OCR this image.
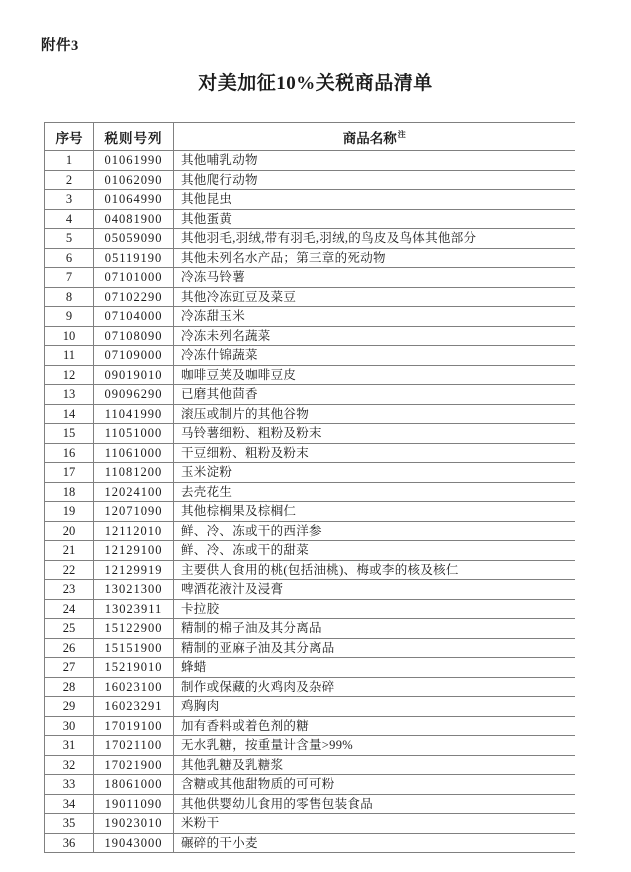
附件3
对美加征10%关税商品清单
序号	税则号列	商品名称$^注$
1	01061990	其他哺乳动物
2	01062090	其他爬行动物
3	01064990	其他昆虫
4	04081900	其他蛋黄
5	05059090	其他羽毛,羽绒,带有羽毛,羽绒,的鸟皮及鸟体其他部分
6	05119190	其他未列名水产品；第三章的死动物
7	07101000	冷冻马铃薯
8	07102290	其他冷冻豇豆及菜豆
9	07104000	冷冻甜玉米
10	07108090	冷冻未列名蔬菜
11	07109000	冷冻什锦蔬菜
12	09019010	咖啡豆荚及咖啡豆皮
13	09096290	已磨其他茴香
14	11041990	滚压或制片的其他谷物
15	11051000	马铃薯细粉、粗粉及粉末
16	11061000	干豆细粉、粗粉及粉末
17	11081200	玉米淀粉
18	12024100	去壳花生
19	12071090	其他棕榈果及棕榈仁
20	12112010	鲜、冷、冻或干的西洋参
21	12129100	鲜、冷、冻或干的甜菜
22	12129919	主要供人食用的桃(包括油桃)、梅或李的核及核仁
23	13021300	啤酒花液汁及浸膏
24	13023911	卡拉胶
25	15122900	精制的棉子油及其分离品
26	15151900	精制的亚麻子油及其分离品
27	15219010	蜂蜡
28	16023100	制作或保藏的火鸡肉及杂碎
29	16023291	鸡胸肉
30	17019100	加有香料或着色剂的糖
31	17021100	无水乳糖，按重量计含量>99%
32	17021900	其他乳糖及乳糖浆
33	18061000	含糖或其他甜物质的可可粉
34	19011090	其他供婴幼儿食用的零售包装食品
35	19023010	米粉干
36	19043000	碾碎的干小麦
